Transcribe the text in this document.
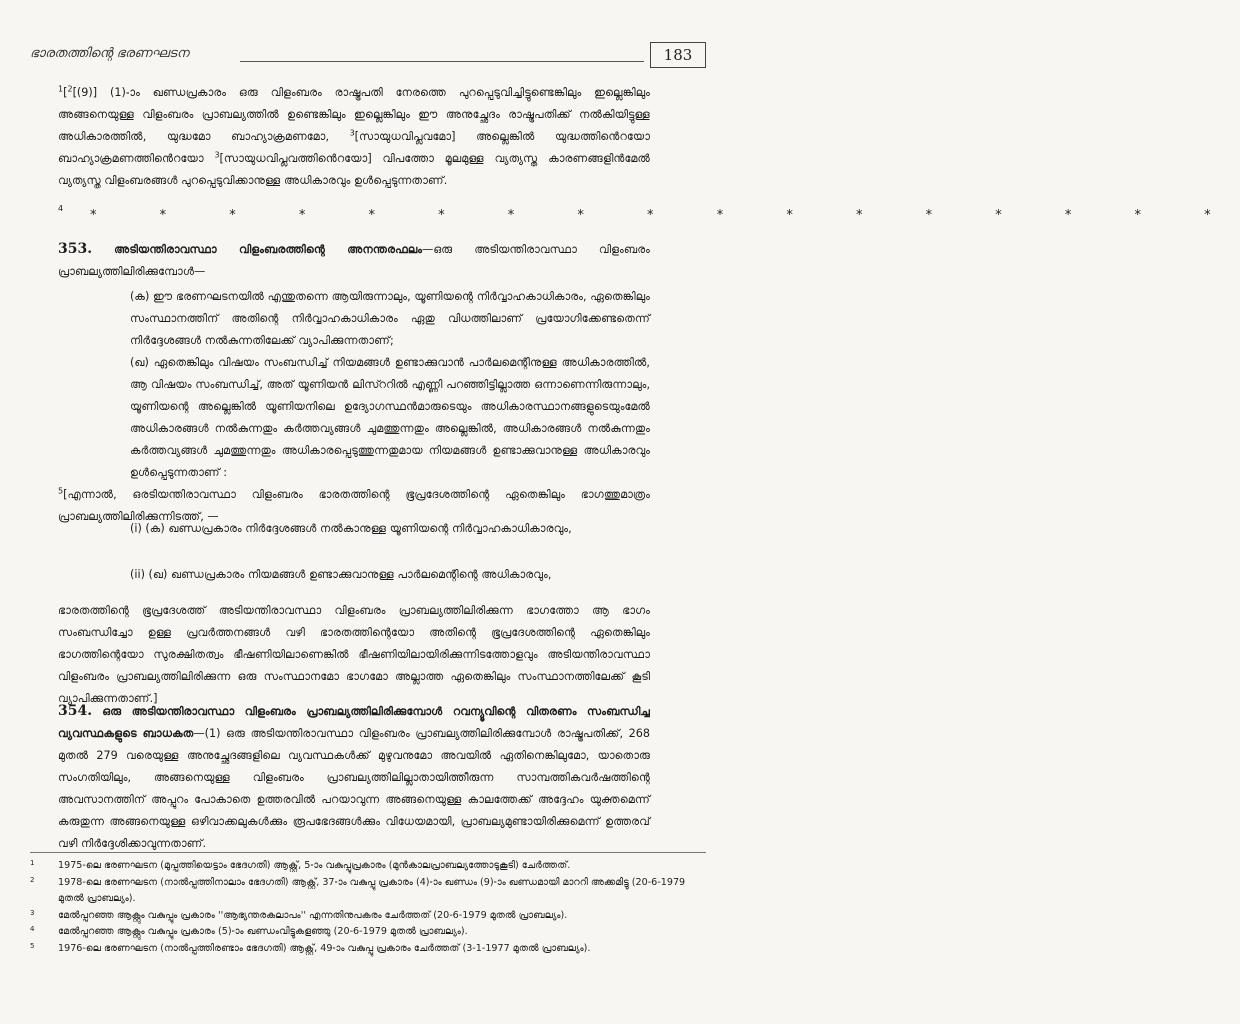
ഭാരതത്തിന്റെ ഭരണഘടന	183
$^1$[$^2$[(9)] (1)-ാം ഖണ്ഡപ്രകാരം ഒരു വിളംബരം രാഷ്ട്രപതി നേരത്തെ പുറപ്പെടുവിച്ചിട്ടുണ്ടെങ്കിലും ഇല്ലെങ്കിലും അങ്ങനെയുള്ള വിളംബരം പ്രാബല്യത്തിൽ ഉണ്ടെങ്കിലും ഇല്ലെങ്കിലും ഈ അനുച്ഛേദം രാഷ്ട്രപതിക്ക് നൽകിയിട്ടുള്ള അധികാരത്തിൽ, യുദ്ധമോ ബാഹ്യാക്രമണമോ,	$^3$[സായുധവിപ്ലവമോ] അല്ലെങ്കിൽ യുദ്ധത്തിൻെറയോ ബാഹ്യാക്രമണത്തിൻെറയോ $^3$[സായുധവിപ്ലവത്തിൻെറയോ] വിപത്തോ മൂലമുള്ള വ്യത്യസ്ത കാരണങ്ങളിൻമേൽ വ്യത്യസ്ത വിളംബരങ്ങൾ പുറപ്പെടുവിക്കാനുള്ള അധികാരവും ഉൾപ്പെടുന്നതാണ്.
4 * * * * * * * * * * * * * * * * *
353. അടിയന്തിരാവസ്ഥാ വിളംബരത്തിന്റെ അനന്തരഫലം—ഒരു അടിയന്തിരാവസ്ഥാ വിളംബരം പ്രാബല്യത്തിലിരിക്കുമ്പോൾ—
(ക) ഈ ഭരണഘടനയിൽ എന്തുതന്നെ ആയിരുന്നാലും, യൂണിയന്റെ നിർവ്വാഹകാധികാരം, ഏതെങ്കിലും സംസ്ഥാനത്തിന് അതിന്റെ നിർവ്വാഹകാധികാരം ഏതു വിധത്തിലാണ് പ്രയോഗിക്കേണ്ടതെന്ന് നിർദ്ദേശങ്ങൾ നൽകുന്നതിലേക്ക് വ്യാപിക്കുന്നതാണ്;
(ഖ) ഏതെങ്കിലും വിഷയം സംബന്ധിച്ച് നിയമങ്ങൾ ഉണ്ടാക്കുവാൻ പാർലമെന്റിനുള്ള അധികാരത്തിൽ, ആ വിഷയം സംബന്ധിച്ച്, അത് യൂണിയൻ ലിസ്ററിൽ എണ്ണി പറഞ്ഞിട്ടില്ലാത്ത ഒന്നാണെന്നിരുന്നാലും, യൂണിയന്റെ അല്ലെങ്കിൽ യൂണിയനിലെ ഉദ്യോഗസ്ഥൻമാരുടെയും അധികാരസ്ഥാനങ്ങളുടെയുംമേൽ അധികാരങ്ങൾ നൽകുന്നതും കർത്തവ്യങ്ങൾ ചുമത്തുന്നതും അല്ലെങ്കിൽ, അധികാരങ്ങൾ നൽകുന്നതും കർത്തവ്യങ്ങൾ ചുമത്തുന്നതും അധികാരപ്പെടുത്തുന്നതുമായ നിയമങ്ങൾ ഉണ്ടാക്കുവാനുള്ള അധികാരവും ഉൾപ്പെടുന്നതാണ് :
$^5$[എന്നാൽ, ഒരടിയന്തിരാവസ്ഥാ വിളംബരം ഭാരതത്തിന്റെ ഭൂപ്രദേശത്തിന്റെ ഏതെങ്കിലും ഭാഗത്തുമാത്രം പ്രാബല്യത്തിലിരിക്കുന്നിടത്ത്, —
(i) (ക) ഖണ്ഡപ്രകാരം നിർദ്ദേശങ്ങൾ നൽകാനുള്ള യൂണിയന്റെ നിർവ്വാഹകാധികാരവും,
(ii) (ഖ) ഖണ്ഡപ്രകാരം നിയമങ്ങൾ ഉണ്ടാക്കുവാനുള്ള പാർലമെന്റിന്റെ അധികാരവും,
ഭാരതത്തിന്റെ ഭൂപ്രദേശത്ത് അടിയന്തിരാവസ്ഥാ വിളംബരം പ്രാബല്യത്തിലിരിക്കുന്ന ഭാഗത്തോ ആ ഭാഗം സംബന്ധിച്ചോ ഉള്ള പ്രവർത്തനങ്ങൾ വഴി ഭാരതത്തിന്റെയോ അതിന്റെ ഭൂപ്രദേശത്തിന്റെ ഏതെങ്കിലും ഭാഗത്തിന്റെയോ സുരക്ഷിതത്വം ഭീഷണിയിലാണെങ്കിൽ ഭീഷണിയിലായിരിക്കുന്നിടത്തോളവും അടിയന്തിരാവസ്ഥാ വിളംബരം പ്രാബല്യത്തിലിരിക്കുന്ന ഒരു സംസ്ഥാനമോ ഭാഗമോ അല്ലാത്ത ഏതെങ്കിലും സംസ്ഥാനത്തിലേക്ക് കൂടി വ്യാപിക്കുന്നതാണ്.]
354. ഒരു അടിയന്തിരാവസ്ഥാ വിളംബരം പ്രാബല്യത്തിലിരിക്കുമ്പോൾ റവന്യൂവിന്റെ വിതരണം സംബന്ധിച്ച വ്യവസ്ഥകളുടെ ബാധകത—(1) ഒരു അടിയന്തിരാവസ്ഥാ വിളംബരം പ്രാബല്യത്തിലിരിക്കുമ്പോൾ രാഷ്ട്രപതിക്ക്, 268 മുതൽ 279 വരെയുള്ള അനുച്ഛേദങ്ങളിലെ വ്യവസ്ഥകൾക്ക് മുഴുവനുമോ അവയിൽ ഏതിനെങ്കിലുമോ, യാതൊരു സംഗതിയിലും, അങ്ങനെയുള്ള വിളംബരം പ്രാബല്യത്തിലില്ലാതായിത്തീരുന്ന സാമ്പത്തികവർഷത്തിന്റെ അവസാനത്തിന് അപ്പുറം പോകാതെ ഉത്തരവിൽ പറയാവുന്ന അങ്ങനെയുള്ള കാലത്തേക്ക് അദ്ദേഹം യുക്തമെന്ന് കരുതുന്ന അങ്ങനെയുള്ള ഒഴിവാക്കലുകൾക്കും രൂപഭേദങ്ങൾക്കും വിധേയമായി, പ്രാബല്യമുണ്ടായിരിക്കുമെന്ന് ഉത്തരവ് വഴി നിർദ്ദേശിക്കാവുന്നതാണ്.
1 1975-ലെ ഭരണഘടന (മുപ്പത്തിയെട്ടാം ഭേദഗതി) ആക്റ്റ്, 5-ാം വകുപ്പുപ്രകാരം (മുൻകാലപ്രാബല്യത്തോടുകൂടി) ചേർത്തത്.
2 1978-ലെ ഭരണഘടന (നാൽപ്പത്തിനാലാം ഭേദഗതി) ആക്റ്റ്, 37-ാം വകുപ്പു പ്രകാരം (4)-ാം ഖണ്ഡം (9)-ാം ഖണ്ഡമായി മാററി അക്കമിട്ടു (20-6-1979 മുതൽ പ്രാബല്യം).
3 മേൽപ്പറഞ്ഞ ആക്റ്റും വകുപ്പും പ്രകാരം ''ആഭ്യന്തരകലാപം'' എന്നതിനുപകരം ചേർത്തത് (20-6-1979 മുതൽ പ്രാബല്യം).
4 മേൽപ്പറഞ്ഞ ആക്റ്റും വകുപ്പും പ്രകാരം (5)-ാം ഖണ്ഡംവിട്ടുകളഞ്ഞു (20-6-1979 മുതൽ പ്രാബല്യം).
5 1976-ലെ ഭരണഘടന (നാൽപ്പത്തിരണ്ടാം ഭേദഗതി) ആക്റ്റ്, 49-ാം വകുപ്പു പ്രകാരം ചേർത്തത് (3-1-1977 മുതൽ പ്രാബല്യം).
